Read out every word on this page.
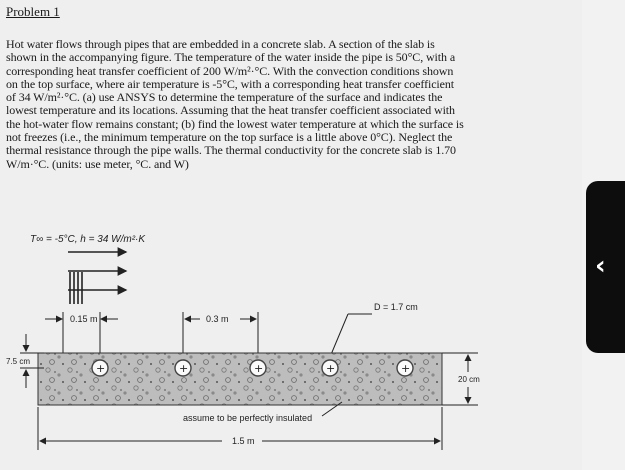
Problem 1
Hot water flows through pipes that are embedded in a concrete slab. A section of the slab is
shown in the accompanying figure. The temperature of the water inside the pipe is 50°C, with a
corresponding heat transfer coefficient of 200 W/m²·°C. With the convection conditions shown
on the top surface, where air temperature is -5°C, with a corresponding heat transfer coefficient
of 34 W/m²·°C. (a) use ANSYS to determine the temperature of the surface and indicates the
lowest temperature and its locations. Assuming that the heat transfer coefficient associated with
the hot-water flow remains constant; (b) find the lowest water temperature at which the surface is
not freezes (i.e., the minimum temperature on the top surface is a little above 0°C). Neglect the
thermal resistance through the pipe walls. The thermal conductivity for the concrete slab is 1.70
W/m·°C. (units: use meter, °C. and W)
T∞ = -5°C, h = 34 W/m²·K
0.15 m	0.3 m
D = 1.7 cm
+	+	+	+	+
7.5 cm
20 cm
assume to be perfectly insulated
1.5 m
‹
